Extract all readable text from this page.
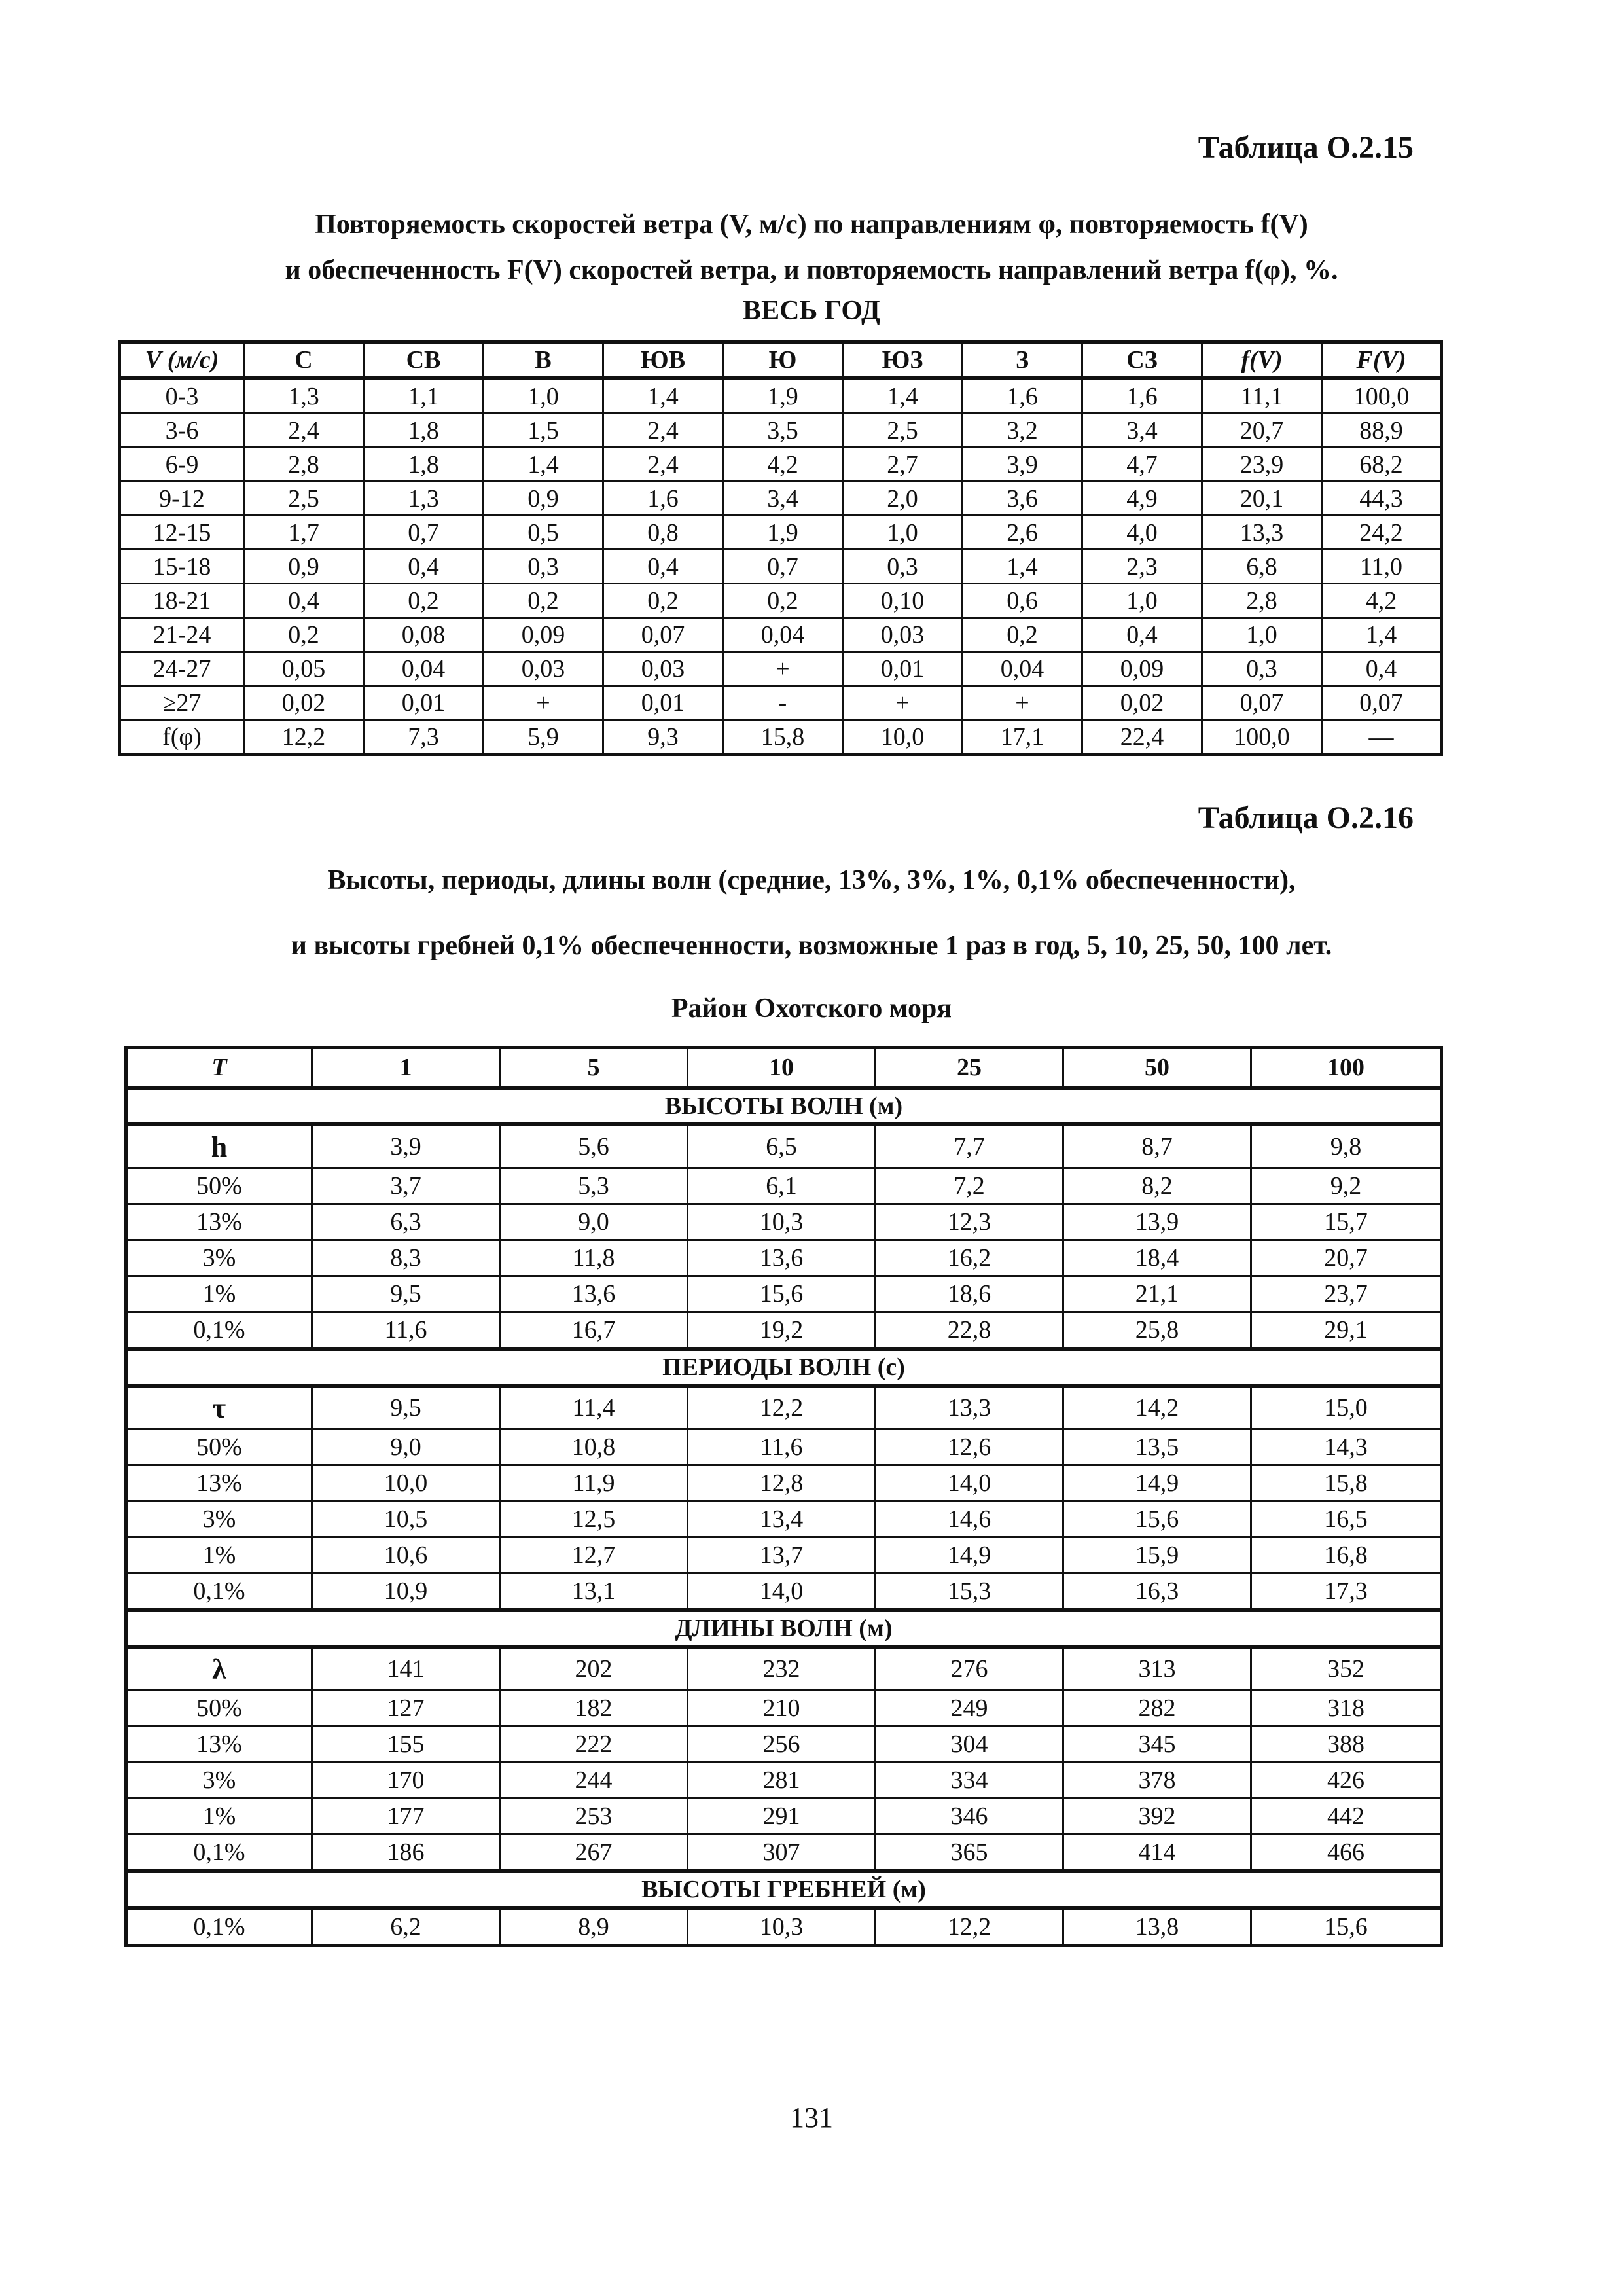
Таблица О.2.15
Повторяемость скоростей ветра (V, м/с) по направлениям φ, повторяемость f(V)
и обеспеченность F(V) скоростей ветра, и повторяемость направлений ветра f(φ), %.
ВЕСЬ ГОД
V (м/с)	С	СВ	В	ЮВ	Ю	ЮЗ	З	СЗ	f(V)	F(V)
0-3	1,3	1,1	1,0	1,4	1,9	1,4	1,6	1,6	11,1	100,0
3-6	2,4	1,8	1,5	2,4	3,5	2,5	3,2	3,4	20,7	88,9
6-9	2,8	1,8	1,4	2,4	4,2	2,7	3,9	4,7	23,9	68,2
9-12	2,5	1,3	0,9	1,6	3,4	2,0	3,6	4,9	20,1	44,3
12-15	1,7	0,7	0,5	0,8	1,9	1,0	2,6	4,0	13,3	24,2
15-18	0,9	0,4	0,3	0,4	0,7	0,3	1,4	2,3	6,8	11,0
18-21	0,4	0,2	0,2	0,2	0,2	0,10	0,6	1,0	2,8	4,2
21-24	0,2	0,08	0,09	0,07	0,04	0,03	0,2	0,4	1,0	1,4
24-27	0,05	0,04	0,03	0,03	+	0,01	0,04	0,09	0,3	0,4
≥27	0,02	0,01	+	0,01	-	+	+	0,02	0,07	0,07
f(φ)	12,2	7,3	5,9	9,3	15,8	10,0	17,1	22,4	100,0	—
Таблица О.2.16
Высоты, периоды, длины волн (средние, 13%, 3%, 1%, 0,1% обеспеченности),
и высоты гребней 0,1% обеспеченности, возможные 1 раз в год, 5, 10, 25, 50, 100 лет.
Район Охотского моря
T	1	5	10	25	50	100
ВЫСОТЫ ВОЛН (м)						
h	3,9	5,6	6,5	7,7	8,7	9,8
50%	3,7	5,3	6,1	7,2	8,2	9,2
13%	6,3	9,0	10,3	12,3	13,9	15,7
3%	8,3	11,8	13,6	16,2	18,4	20,7
1%	9,5	13,6	15,6	18,6	21,1	23,7
0,1%	11,6	16,7	19,2	22,8	25,8	29,1
ПЕРИОДЫ ВОЛН (с)						
τ	9,5	11,4	12,2	13,3	14,2	15,0
50%	9,0	10,8	11,6	12,6	13,5	14,3
13%	10,0	11,9	12,8	14,0	14,9	15,8
3%	10,5	12,5	13,4	14,6	15,6	16,5
1%	10,6	12,7	13,7	14,9	15,9	16,8
0,1%	10,9	13,1	14,0	15,3	16,3	17,3
ДЛИНЫ ВОЛН (м)						
λ	141	202	232	276	313	352
50%	127	182	210	249	282	318
13%	155	222	256	304	345	388
3%	170	244	281	334	378	426
1%	177	253	291	346	392	442
0,1%	186	267	307	365	414	466
ВЫСОТЫ ГРЕБНЕЙ (м)						
0,1%	6,2	8,9	10,3	12,2	13,8	15,6
131
